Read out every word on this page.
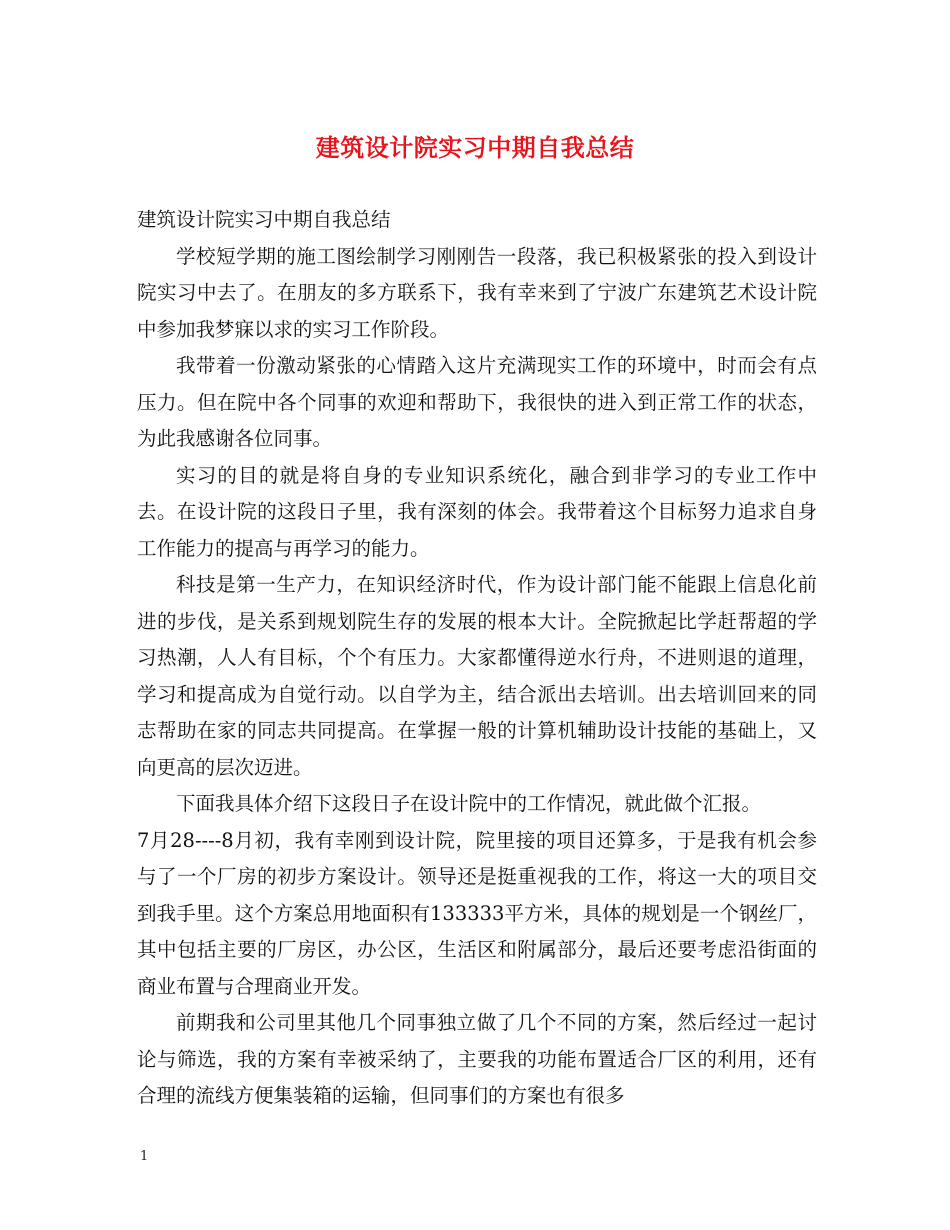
建筑设计院实习中期自我总结

建筑设计院实习中期自我总结

学校短学期的施工图绘制学习刚刚告一段落，我已积极紧张的投入到设计院实习中去了。在朋友的多方联系下，我有幸来到了宁波广东建筑艺术设计院中参加我梦寐以求的实习工作阶段。

我带着一份激动紧张的心情踏入这片充满现实工作的环境中，时而会有点压力。但在院中各个同事的欢迎和帮助下，我很快的进入到正常工作的状态，为此我感谢各位同事。

实习的目的就是将自身的专业知识系统化，融合到非学习的专业工作中去。在设计院的这段日子里，我有深刻的体会。我带着这个目标努力追求自身工作能力的提高与再学习的能力。

科技是第一生产力，在知识经济时代，作为设计部门能不能跟上信息化前进的步伐，是关系到规划院生存的发展的根本大计。全院掀起比学赶帮超的学习热潮，人人有目标，个个有压力。大家都懂得逆水行舟，不进则退的道理，学习和提高成为自觉行动。以自学为主，结合派出去培训。出去培训回来的同志帮助在家的同志共同提高。在掌握一般的计算机辅助设计技能的基础上，又向更高的层次迈进。

下面我具体介绍下这段日子在设计院中的工作情况，就此做个汇报。

7月28----8月初，我有幸刚到设计院，院里接的项目还算多，于是我有机会参与了一个厂房的初步方案设计。领导还是挺重视我的工作，将这一大的项目交到我手里。这个方案总用地面积有133333平方米，具体的规划是一个钢丝厂，其中包括主要的厂房区，办公区，生活区和附属部分，最后还要考虑沿街面的商业布置与合理商业开发。

前期我和公司里其他几个同事独立做了几个不同的方案，然后经过一起讨论与筛选，我的方案有幸被采纳了，主要我的功能布置适合厂区的利用，还有合理的流线方便集装箱的运输，但同事们的方案也有很多

1
